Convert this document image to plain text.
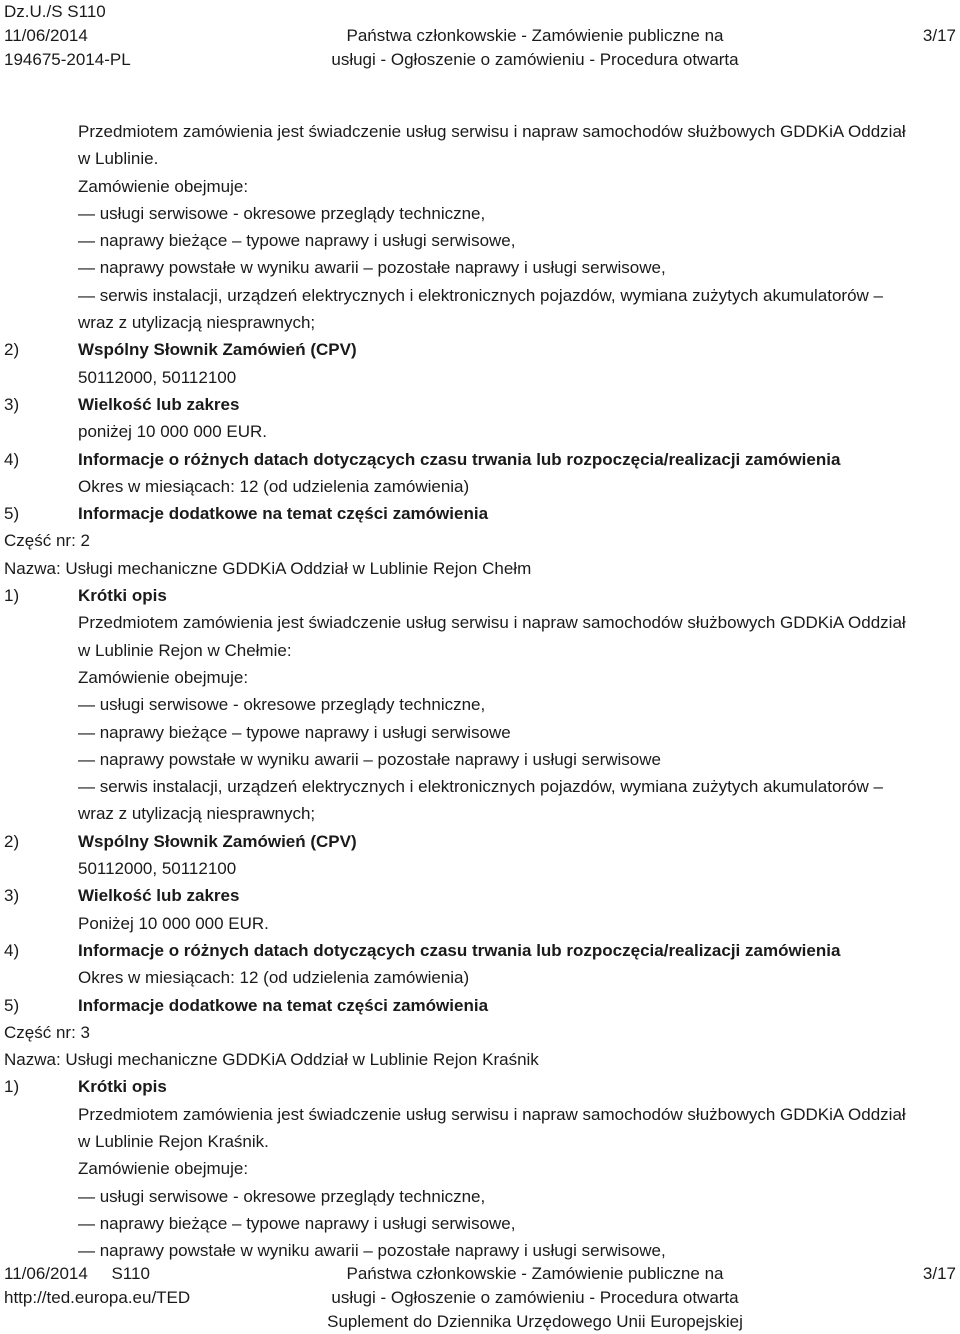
Dz.U./S S110
11/06/2014
194675-2014-PL
Państwa członkowskie - Zamówienie publiczne na
usługi - Ogłoszenie o zamówieniu - Procedura otwarta
3/17
Przedmiotem zamówienia jest świadczenie usług serwisu i napraw samochodów służbowych GDDKiA Oddział
w Lublinie.
Zamówienie obejmuje:
— usługi serwisowe - okresowe przeglądy techniczne,
— naprawy bieżące – typowe naprawy i usługi serwisowe,
— naprawy powstałe w wyniku awarii – pozostałe naprawy i usługi serwisowe,
— serwis instalacji, urządzeń elektrycznych i elektronicznych pojazdów, wymiana zużytych akumulatorów –
wraz z utylizacją niesprawnych;
2)	Wspólny Słownik Zamówień (CPV)
50112000, 50112100
3)	Wielkość lub zakres
poniżej 10 000 000 EUR.
4)	Informacje o różnych datach dotyczących czasu trwania lub rozpoczęcia/realizacji zamówienia
Okres w miesiącach: 12 (od udzielenia zamówienia)
5)	Informacje dodatkowe na temat części zamówienia
Część nr: 2
Nazwa: Usługi mechaniczne GDDKiA Oddział w Lublinie Rejon Chełm
1)	Krótki opis
Przedmiotem zamówienia jest świadczenie usług serwisu i napraw samochodów służbowych GDDKiA Oddział
w Lublinie Rejon w Chełmie:
Zamówienie obejmuje:
— usługi serwisowe - okresowe przeglądy techniczne,
— naprawy bieżące – typowe naprawy i usługi serwisowe
— naprawy powstałe w wyniku awarii – pozostałe naprawy i usługi serwisowe
— serwis instalacji, urządzeń elektrycznych i elektronicznych pojazdów, wymiana zużytych akumulatorów –
wraz z utylizacją niesprawnych;
2)	Wspólny Słownik Zamówień (CPV)
50112000, 50112100
3)	Wielkość lub zakres
Poniżej 10 000 000 EUR.
4)	Informacje o różnych datach dotyczących czasu trwania lub rozpoczęcia/realizacji zamówienia
Okres w miesiącach: 12 (od udzielenia zamówienia)
5)	Informacje dodatkowe na temat części zamówienia
Część nr: 3
Nazwa: Usługi mechaniczne GDDKiA Oddział w Lublinie Rejon Kraśnik
1)	Krótki opis
Przedmiotem zamówienia jest świadczenie usług serwisu i napraw samochodów służbowych GDDKiA Oddział
w Lublinie Rejon Kraśnik.
Zamówienie obejmuje:
— usługi serwisowe - okresowe przeglądy techniczne,
— naprawy bieżące – typowe naprawy i usługi serwisowe,
— naprawy powstałe w wyniku awarii – pozostałe naprawy i usługi serwisowe,
11/06/2014 S110
http://ted.europa.eu/TED
Państwa członkowskie - Zamówienie publiczne na
usługi - Ogłoszenie o zamówieniu - Procedura otwarta
Suplement do Dziennika Urzędowego Unii Europejskiej
3/17
